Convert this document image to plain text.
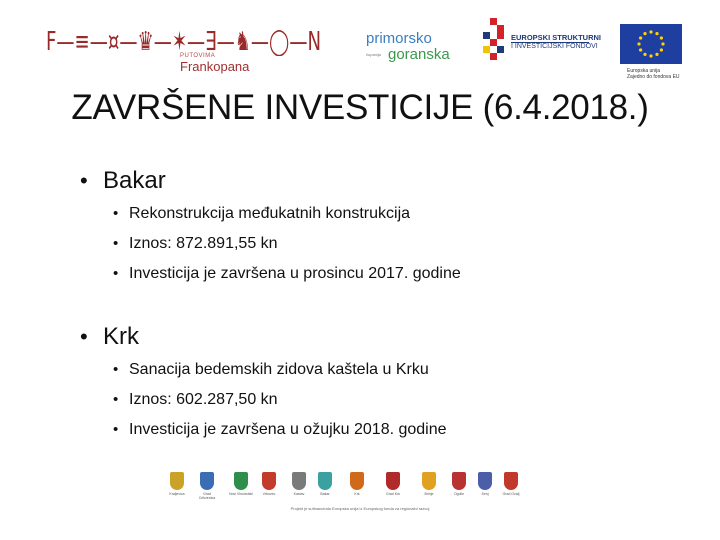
F—≡—¤—♛—✶—∃—♞—◯—N
PUTOVIMA
Frankopana
primorsko
goranska
županija
EUROPSKI STRUKTURNI
I INVESTICIJSKI FONDOVI
Europska unija
Zajedno do fondova EU
ZAVRŠENE INVESTICIJE (6.4.2018.)
• Bakar
• Rekonstrukcija međukatnih konstrukcija
• Iznos: 872.891,55 kn
• Investicija je završena u prosincu 2017. godine
• Krk
• Sanacija bedemskih zidova kaštela u Krku
• Iznos: 602.287,50 kn
• Investicija je završena u ožujku 2018. godine
Kraljevica	Grad Crikvenica
Novi Vinodolski	Vrbovec	Kastav	Bakar	Krk	Grad Krk	Brinje	Ogulin	Senj	Grad Ozalj
Projekt je sufinancirala Europska unija iz Europskog fonda za regionalni razvoj
